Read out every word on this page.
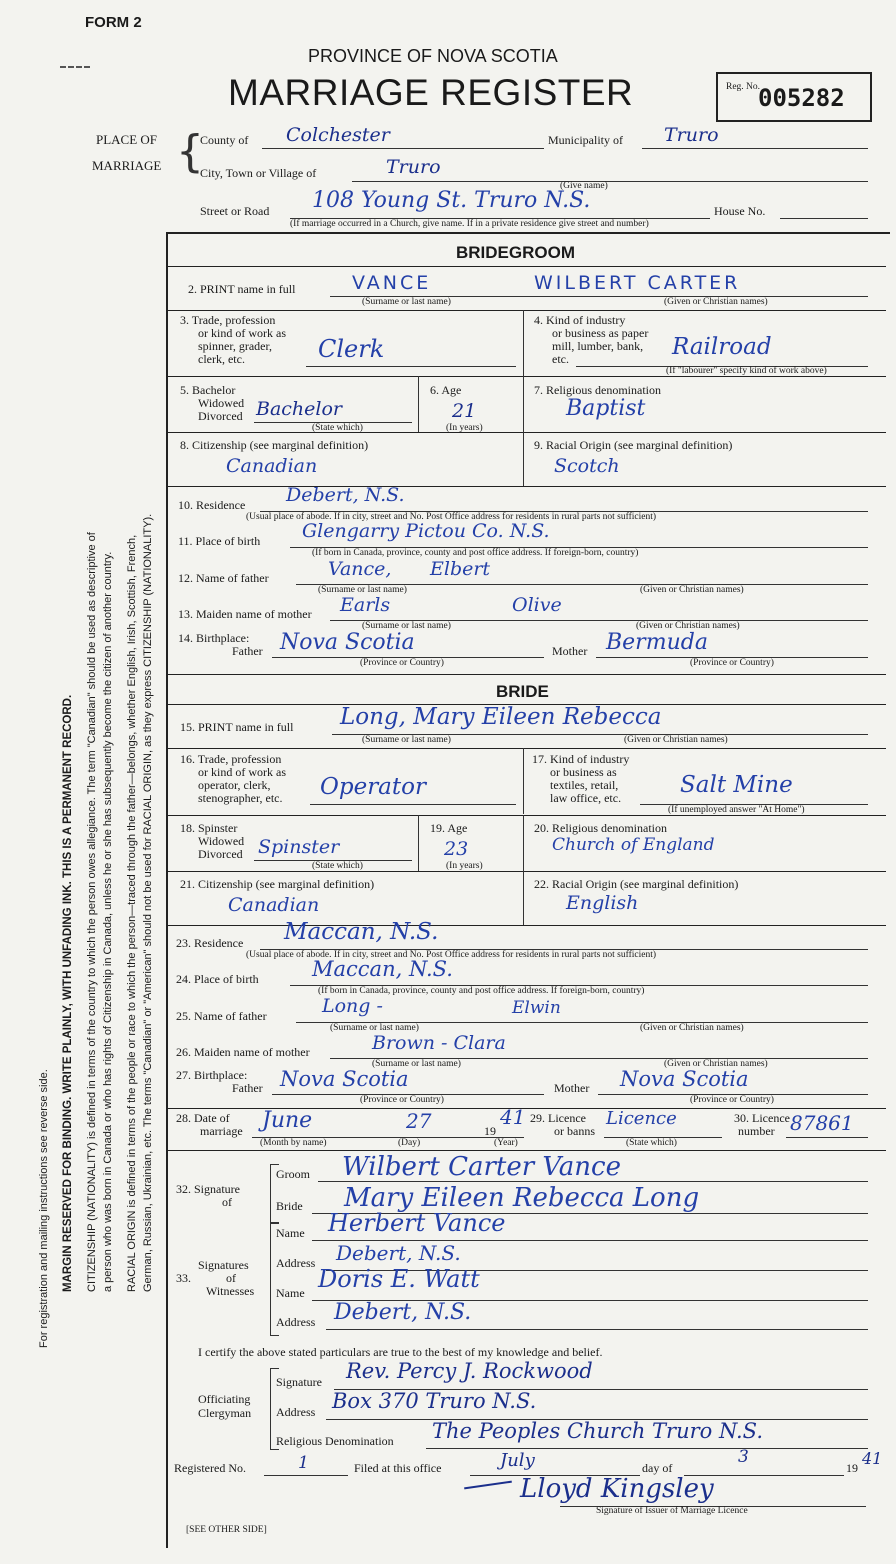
FORM 2
PROVINCE OF NOVA SCOTIA
MARRIAGE REGISTER	Reg. No.
005282
PLACE OF
MARRIAGE {
County of Colchester	Municipality of Truro
City, Town or Village of	Truro
(Give name)
Street or Road 108 Young St. Truro N.S.	House No.
(If marriage occurred in a Church, give name. If in a private residence give street and number)
For registration and mailing instructions see reverse side. MARGIN RESERVED FOR BINDING. WRITE PLAINLY, WITH UNFADING INK. THIS IS A PERMANENT RECORD. CITIZENSHIP (NATIONALITY) is defined in terms of the country to which the person owes allegiance. The term "Canadian" should be used as descriptive of a person who was born in Canada or who has rights of Citizenship in Canada, unless he or she has subsequently become the citizen of another country. RACIAL ORIGIN is defined in terms of the people or race to which the person—traced through the father—belongs, whether English, Irish, Scottish, French, German, Russian, Ukrainian, etc. The terms "Canadian" or "American" should not be used for RACIAL ORIGIN, as they express CITIZENSHIP (NATIONALITY).
BRIDEGROOM
2. PRINT name in full	VANCE	WILBERT CARTER
(Surname or last name)	(Given or Christian names)
3. Trade, profession
or kind of work as
spinner, grader,
clerk, etc.	Clerk
4. Kind of industry
or business as paper
mill, lumber, bank,
etc.	Railroad
(If "labourer" specify kind of work above)
5. Bachelor
Widowed
Divorced Bachelor
(State which)
6. Age
21
(In years)
7. Religious denomination
Baptist
8. Citizenship (see marginal definition)
Canadian
9. Racial Origin (see marginal definition)
Scotch
10. Residence Debert, N.S.
(Usual place of abode. If in city, street and No. Post Office address for residents in rural parts not sufficient)
11. Place of birth Glengarry Pictou Co. N.S.
(If born in Canada, province, county and post office address. If foreign-born, country)
12. Name of father	Vance, Elbert
(Surname or last name)	(Given or Christian names)
13. Maiden name of mother Earls	Olive
(Surname or last name)	(Given or Christian names)
14. Birthplace:
Father Nova Scotia	Mother Bermuda
(Province or Country)	(Province or Country)
BRIDE
15. PRINT name in full Long, Mary Eileen Rebecca
(Surname or last name)	(Given or Christian names)
16. Trade, profession
or kind of work as
operator, clerk,
stenographer, etc. Operator
17. Kind of industry
or business as
textiles, retail,
law office, etc.	Salt Mine
(If unemployed answer "At Home")
18. Spinster
Widowed
Divorced Spinster
(State which)
19. Age
23
(In years)
20. Religious denomination
Church of England
21. Citizenship (see marginal definition)
Canadian
22. Racial Origin (see marginal definition)
English
23. Residence Maccan, N.S.
(Usual place of abode. If in city, street and No. Post Office address for residents in rural parts not sufficient)
24. Place of birth	Maccan, N.S.
(If born in Canada, province, county and post office address. If foreign-born, country)
25. Name of father	Long -	Elwin
(Surname or last name)	(Given or Christian names)
26. Maiden name of mother	Brown - Clara
(Surname or last name)	(Given or Christian names)
27. Birthplace:
Father Nova Scotia	Mother Nova Scotia
(Province or Country)	(Province or Country)
28. Date of
marriage June	27	19
41
(Month by name)	(Day)	(Year)
29. Licence
or banns
Licence
(State which)
30. Licence
number 87861
32. Signature
of
Groom Wilbert Carter Vance
Bride Mary Eileen Rebecca Long
33.
Signatures
of
Witnesses
Name Herbert Vance
Address Debert, N.S.
Name Doris E. Watt
Address Debert, N.S.
I certify the above stated particulars are true to the best of my knowledge and belief.
Officiating
Clergyman
Signature Rev. Percy J. Rockwood
Address Box 370 Truro N.S.
Religious Denomination The Peoples Church Truro N.S.
Registered No.	1	Filed at this office	July	day of
3
19 41
Lloyd Kingsley
Signature of Issuer of Marriage Licence
[SEE OTHER SIDE]
